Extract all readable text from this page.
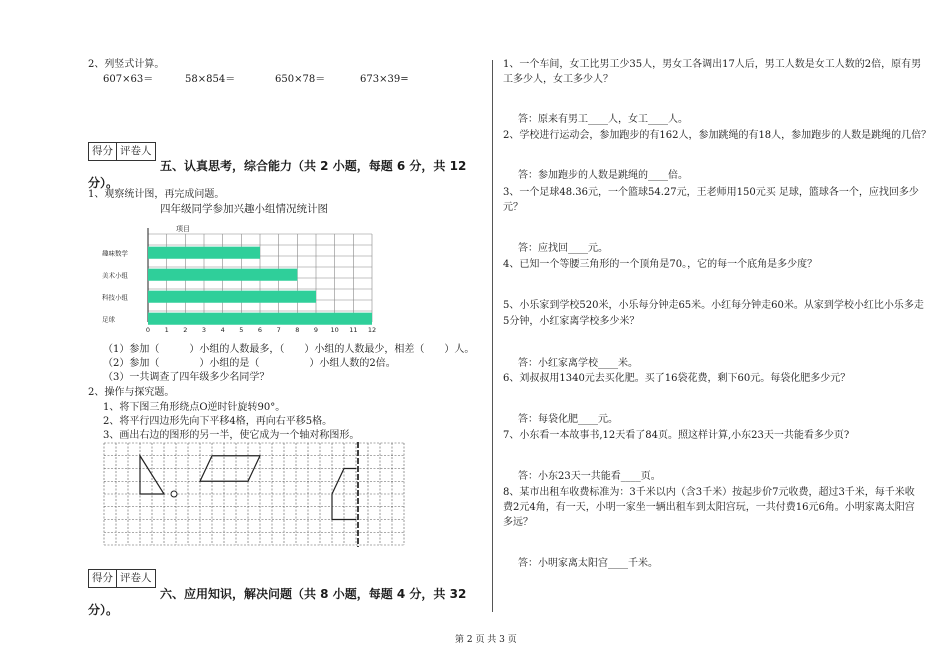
2、列竖式计算。
607×63＝	58×854＝	650×78＝	673×39=
得分 评卷人
五、认真思考，综合能力（共 2 小题，每题 6 分，共 12
分）。
1、观察统计图，再完成问题。
四年级同学参加兴趣小组情况统计图
项目
趣味数学
美术小组
科技小组
足球
0 1 2 3 4 5 6 7 8 9 10 11 12
（1）参加（　　　）小组的人数最多，（　　）小组的人数最少，相差（　　）人。
（2）参加（　　　　）小组的是（　　　　　）小组人数的2倍。
（3）一共调查了四年级多少名同学？
2、操作与探究题。
1、将下图三角形绕点O逆时针旋转90°。
2、将平行四边形先向下平移4格，再向右平移5格。
3、画出右边的图形的另一半，使它成为一个轴对称图形。
得分 评卷人
六、应用知识，解决问题（共 8 小题，每题 4 分，共 32
分）。
1、一个车间，女工比男工少35人，男女工各调出17人后，男工人数是女工人数的2倍，原有男
工多少人，女工多少人？
答：原来有男工____人，女工____人。
2、学校进行运动会，参加跑步的有162人，参加跳绳的有18人，参加跑步的人数是跳绳的几倍？
答：参加跑步的人数是跳绳的____倍。
3、一个足球48.36元，一个篮球54.27元，王老师用150元买 足球，篮球各一个，应找回多少
元？
答：应找回____元。
4、已知一个等腰三角形的一个顶角是70。，它的每一个底角是多少度？
5、小乐家到学校520米，小乐每分钟走65米。小红每分钟走60米。从家到学校小红比小乐多走
5分钟，小红家离学校多少米？
答：小红家离学校____米。
6、刘叔叔用1340元去买化肥。买了16袋花费，剩下60元。每袋化肥多少元？
答：每袋化肥____元。
7、小东看一本故事书,12天看了84页。照这样计算,小东23天一共能看多少页?
答：小东23天一共能看____页。
8、某市出租车收费标准为：3千米以内（含3千米）按起步价7元收费，超过3千米，每千米收
费2元4角，有一天，小明一家坐一辆出租车到太阳宫玩，一共付费16元6角。小明家离太阳宫
多远？
答：小明家离太阳宫____千米。
第 2 页 共 3 页
